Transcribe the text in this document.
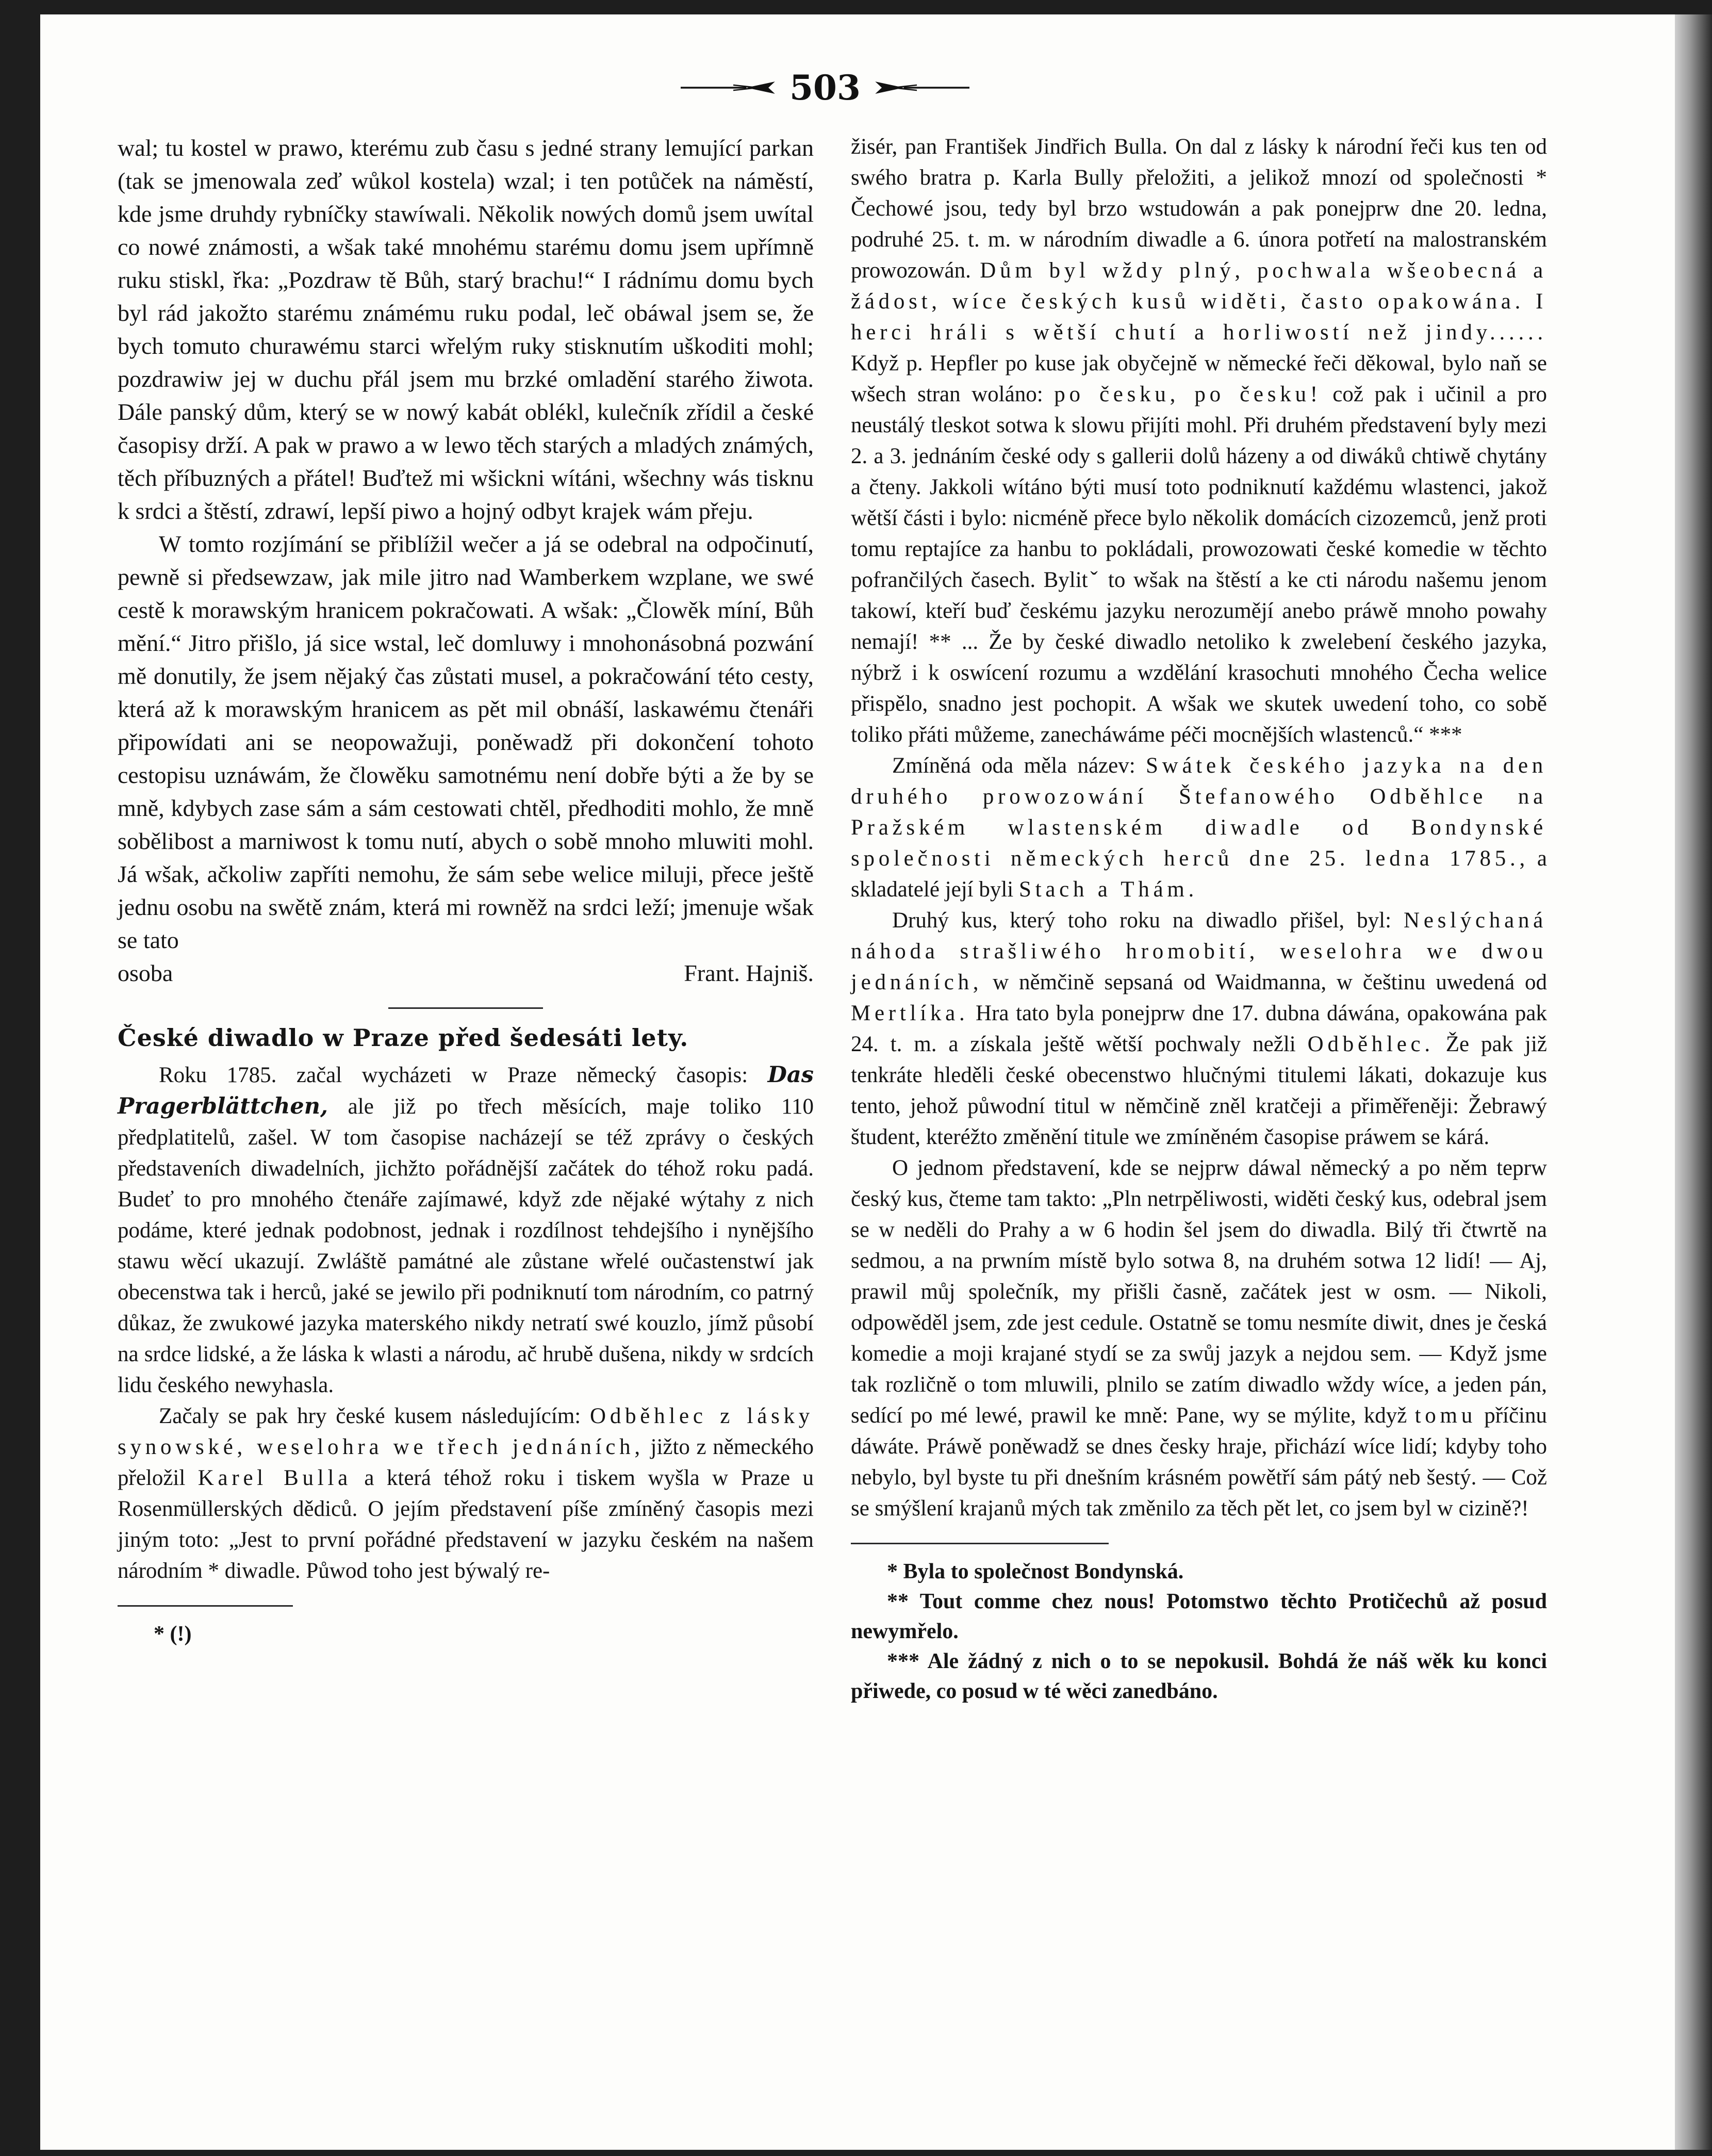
503

wal; tu kostel w prawo, kterému zub času s jedné strany lemující parkan (tak se jmenowala zeď wůkol kostela) wzal; i ten potůček na náměstí, kde jsme druhdy rybníčky stawíwali. Několik nowých domů jsem uwítal co nowé známosti, a wšak také mnohému starému domu jsem upřímně ruku stiskl, řka: „Pozdraw tě Bůh, starý brachu!“ I rádnímu domu bych byl rád jakožto starému známému ruku podal, leč obáwal jsem se, že bych tomuto churawému starci wřelým ruky stisknutím uškoditi mohl; pozdrawiw jej w duchu přál jsem mu brzké omladění starého žiwota. Dále panský dům, který se w nowý kabát oblékl, kulečník zřídil a české časopisy drží. A pak w prawo a w lewo těch starých a mladých známých, těch příbuzných a přátel! Buďtež mi wšickni wítáni, wšechny wás tisknu k srdci a štěstí, zdrawí, lepší piwo a hojný odbyt krajek wám přeju.

W tomto rozjímání se přiblížil wečer a já se odebral na odpočinutí, pewně si předsewzaw, jak mile jitro nad Wamberkem wzplane, we swé cestě k morawským hranicem pokračowati. A wšak: „Člowěk míní, Bůh mění.“ Jitro přišlo, já sice wstal, leč domluwy i mnohonásobná pozwání mě donutily, že jsem nějaký čas zůstati musel, a pokračowání této cesty, která až k morawským hranicem as pět mil obnáší, laskawému čtenáři připowídati ani se neopowažuji, poněwadž při dokončení tohoto cestopisu uznáwám, že člowěku samotnému není dobře býti a že by se mně, kdybych zase sám a sám cestowati chtěl, předhoditi mohlo, že mně sobělibost a marniwost k tomu nutí, abych o sobě mnoho mluwiti mohl. Já wšak, ačkoliw zapříti nemohu, že sám sebe welice miluji, přece ještě jednu osobu na swětě znám, která mi rowněž na srdci leží; jmenuje wšak se tato

osoba	Frant. Hajniš.

České diwadlo w Praze před šedesáti lety.

Roku 1785. začal wycházeti w Praze německý časopis: Das Pragerblättchen, ale již po třech měsících, maje toliko 110 předplatitelů, zašel. W tom časopise nacházejí se též zprávy o českých představeních diwadelních, jichžto pořádnější začátek do téhož roku padá. Budeť to pro mnohého čtenáře zajímawé, když zde nějaké wýtahy z nich podáme, které jednak podobnost, jednak i rozdílnost tehdejšího i nynějšího stawu wěcí ukazují. Zwláště památné ale zůstane wřelé oučastenstwí jak obecenstwa tak i herců, jaké se jewilo při podniknutí tom národním, co patrný důkaz, že zwukowé jazyka materského nikdy netratí swé kouzlo, jímž působí na srdce lidské, a že láska k wlasti a národu, ač hrubě dušena, nikdy w srdcích lidu českého newyhasla.

Začaly se pak hry české kusem následujícím: Odběhlec z lásky synowské, weselohra we třech jednáních, jižto z německého přeložil Karel Bulla a která téhož roku i tiskem wyšla w Praze u Rosenmüllerských dědiců. O jejím představení píše zmíněný časopis mezi jiným toto: „Jest to první pořádné představení w jazyku českém na našem národním * diwadle. Půwod toho jest býwalý re-

* (!)

žisér, pan František Jindřich Bulla. On dal z lásky k národní řeči kus ten od swého bratra p. Karla Bully přeložiti, a jelikož mnozí od společnosti * Čechowé jsou, tedy byl brzo wstudowán a pak ponejprw dne 20. ledna, podruhé 25. t. m. w národním diwadle a 6. února potřetí na malostranském prowozowán. Dům byl wždy plný, pochwala wšeobecná a žádost, wíce českých kusů widěti, často opakowána. I herci hráli s wětší chutí a horliwostí než jindy...... Když p. Hepfler po kuse jak obyčejně w německé řeči děkowal, bylo naň se wšech stran woláno: po česku, po česku! což pak i učinil a pro neustálý tleskot sotwa k slowu přijíti mohl. Při druhém představení byly mezi 2. a 3. jednáním české ody s gallerii dolů házeny a od diwáků chtiwě chytány a čteny. Jakkoli wítáno býti musí toto podniknutí každému wlastenci, jakož wětší části i bylo: nicméně přece bylo několik domácích cizozemců, jenž proti tomu reptajíce za hanbu to pokládali, prowozowati české komedie w těchto pofrančilých časech. Bylitˇ to wšak na štěstí a ke cti národu našemu jenom takowí, kteří buď českému jazyku nerozumějí anebo práwě mnoho powahy nemají! ** ... Že by české diwadlo netoliko k zwelebení českého jazyka, nýbrž i k oswícení rozumu a wzdělání krasochuti mnohého Čecha welice přispělo, snadno jest pochopit. A wšak we skutek uwedení toho, co sobě toliko přáti můžeme, zanecháwáme péči mocnějších wlastenců.“ ***

Zmíněná oda měla název: Swátek českého jazyka na den druhého prowozowání Štefanowého Odběhlce na Pražském wlastenském diwadle od Bondynské společnosti německých herců dne 25. ledna 1785., a skladatelé její byli Stach a Thám.

Druhý kus, který toho roku na diwadlo přišel, byl: Neslýchaná náhoda strašliwého hromobití, weselohra we dwou jednáních, w němčině sepsaná od Waidmanna, w češtinu uwedená od Mertlíka. Hra tato byla ponejprw dne 17. dubna dáwána, opakowána pak 24. t. m. a získala ještě wětší pochwaly nežli Odběhlec. Že pak již tenkráte hleděli české obecenstwo hlučnými titulemi lákati, dokazuje kus tento, jehož půwodní titul w němčině zněl kratčeji a přiměřeněji: Žebrawý študent, kteréžto změnění titule we zmíněném časopise práwem se kárá.

O jednom představení, kde se nejprw dáwal německý a po něm teprw český kus, čteme tam takto: „Pln netrpěliwosti, widěti český kus, odebral jsem se w neděli do Prahy a w 6 hodin šel jsem do diwadla. Bilý tři čtwrtě na sedmou, a na prwním místě bylo sotwa 8, na druhém sotwa 12 lidí! — Aj, prawil můj společník, my přišli časně, začátek jest w osm. — Nikoli, odpowěděl jsem, zde jest cedule. Ostatně se tomu nesmíte diwit, dnes je česká komedie a moji krajané stydí se za swůj jazyk a nejdou sem. — Když jsme tak rozličně o tom mluwili, plnilo se zatím diwadlo wždy wíce, a jeden pán, sedící po mé lewé, prawil ke mně: Pane, wy se mýlite, když tomu příčinu dáwáte. Práwě poněwadž se dnes česky hraje, přichází wíce lidí; kdyby toho nebylo, byl byste tu při dnešním krásném powětří sám pátý neb šestý. — Což se smýšlení krajanů mých tak změnilo za těch pět let, co jsem byl w cizině?!

* Byla to společnost Bondynská.

** Tout comme chez nous! Potomstwo těchto Protičechů až posud newymřelo.

*** Ale žádný z nich o to se nepokusil. Bohdá že náš wěk ku konci přiwede, co posud w té wěci zanedbáno.
